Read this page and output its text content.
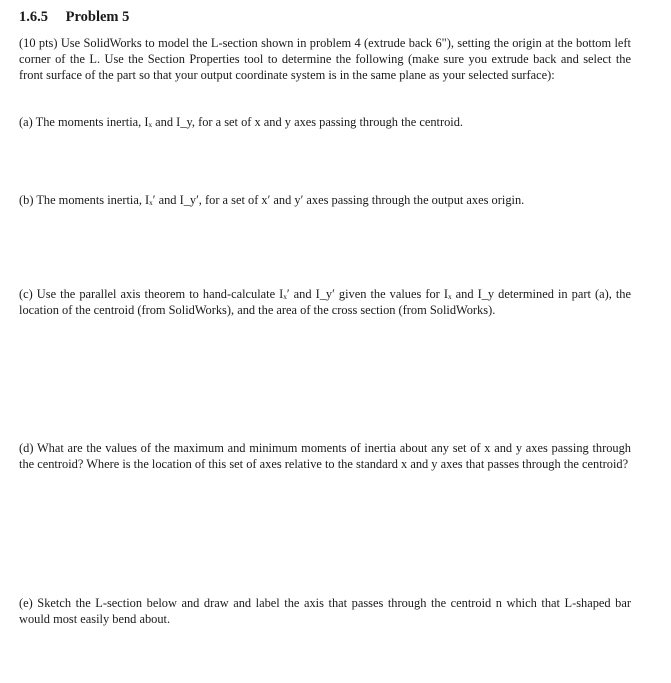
1.6.5 Problem 5
(10 pts) Use SolidWorks to model the L-section shown in problem 4 (extrude back 6"), setting the origin at the bottom left corner of the L. Use the Section Properties tool to determine the following (make sure you extrude back and select the front surface of the part so that your output coordinate system is in the same plane as your selected surface):
(a) The moments inertia, Iₓ and I_y, for a set of x and y axes passing through the centroid.
(b) The moments inertia, Iₓ′ and I_y′, for a set of x′ and y′ axes passing through the output axes origin.
(c) Use the parallel axis theorem to hand-calculate Iₓ′ and I_y′ given the values for Iₓ and I_y determined in part (a), the location of the centroid (from SolidWorks), and the area of the cross section (from SolidWorks).
(d) What are the values of the maximum and minimum moments of inertia about any set of x and y axes passing through the centroid? Where is the location of this set of axes relative to the standard x and y axes that passes through the centroid?
(e) Sketch the L-section below and draw and label the axis that passes through the centroid n which that L-shaped bar would most easily bend about.
